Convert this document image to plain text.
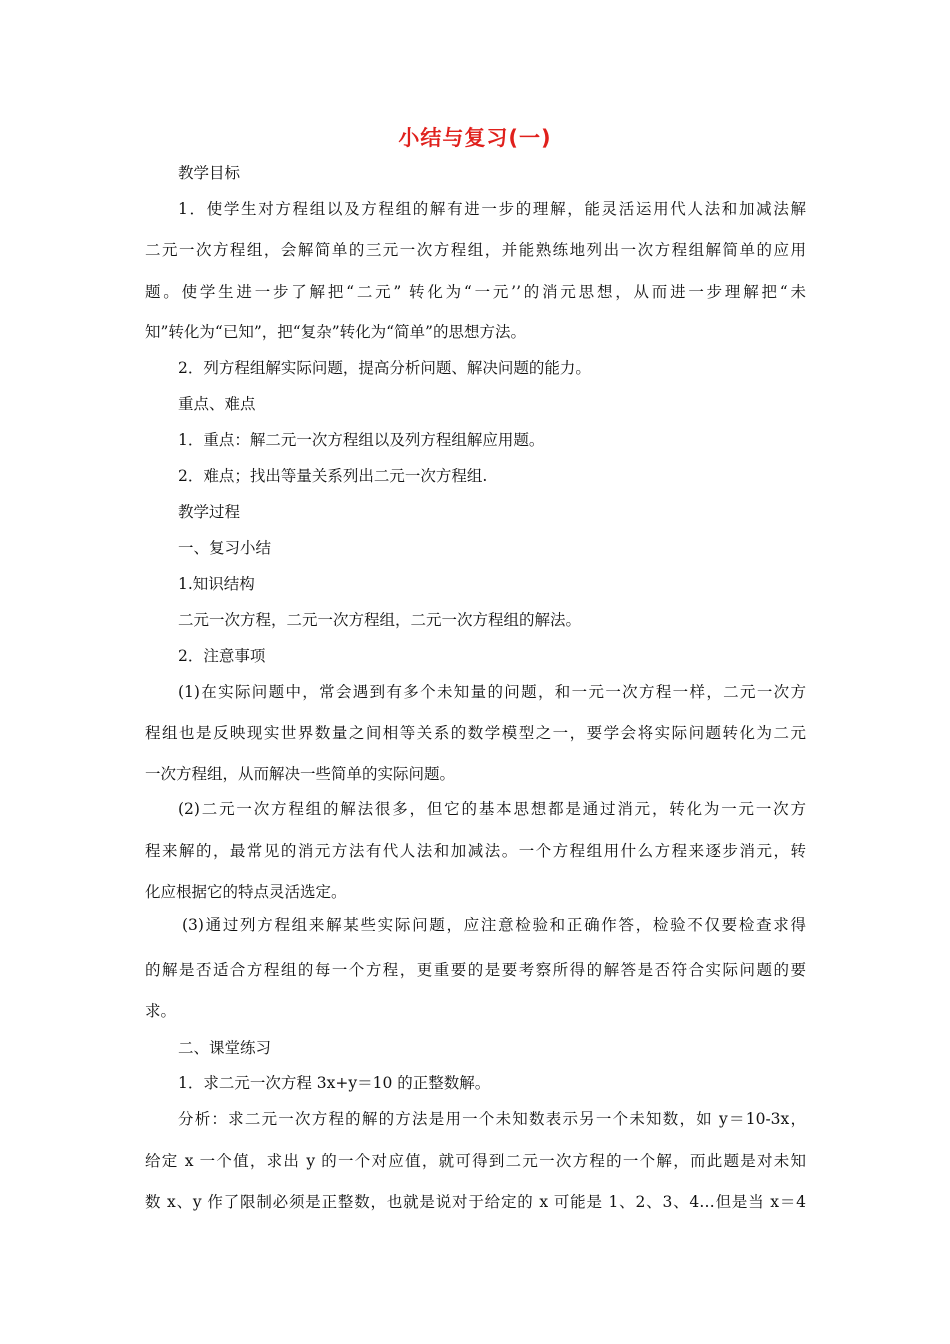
小结与复习(一)
教学目标
1．使学生对方程组以及方程组的解有进一步的理解，能灵活运用代人法和加减法解
二元一次方程组，会解简单的三元一次方程组，并能熟练地列出一次方程组解简单的应用
题。使学生进一步了解把“二元” 转化为“一元’’的消元思想，从而进一步理解把“未
知”转化为“已知”，把“复杂”转化为“简单”的思想方法。
2．列方程组解实际问题，提高分析问题、解决问题的能力。
重点、难点
1．重点：解二元一次方程组以及列方程组解应用题。
2．难点；找出等量关系列出二元一次方程组.
教学过程
一、复习小结
1.知识结构
二元一次方程，二元一次方程组，二元一次方程组的解法。
2．注意事项
(1)在实际问题中，常会遇到有多个未知量的问题，和一元一次方程一样，二元一次方
程组也是反映现实世界数量之间相等关系的数学模型之一，要学会将实际问题转化为二元
一次方程组，从而解决一些简单的实际问题。
(2)二元一次方程组的解法很多，但它的基本思想都是通过消元，转化为一元一次方
程来解的，最常见的消元方法有代人法和加减法。一个方程组用什么方程来逐步消元，转
化应根据它的特点灵活选定。
(3)通过列方程组来解某些实际问题，应注意检验和正确作答，检验不仅要检查求得
的解是否适合方程组的每一个方程，更重要的是要考察所得的解答是否符合实际问题的要
求。
二、课堂练习
1．求二元一次方程 3x+y＝10 的正整数解。
分析：求二元一次方程的解的方法是用一个未知数表示另一个未知数，如 y＝10-3x，
给定 x 一个值，求出 y 的一个对应值，就可得到二元一次方程的一个解，而此题是对未知
数 x、y 作了限制必须是正整数，也就是说对于给定的 x 可能是 1、2、3、4…但是当 x＝4
